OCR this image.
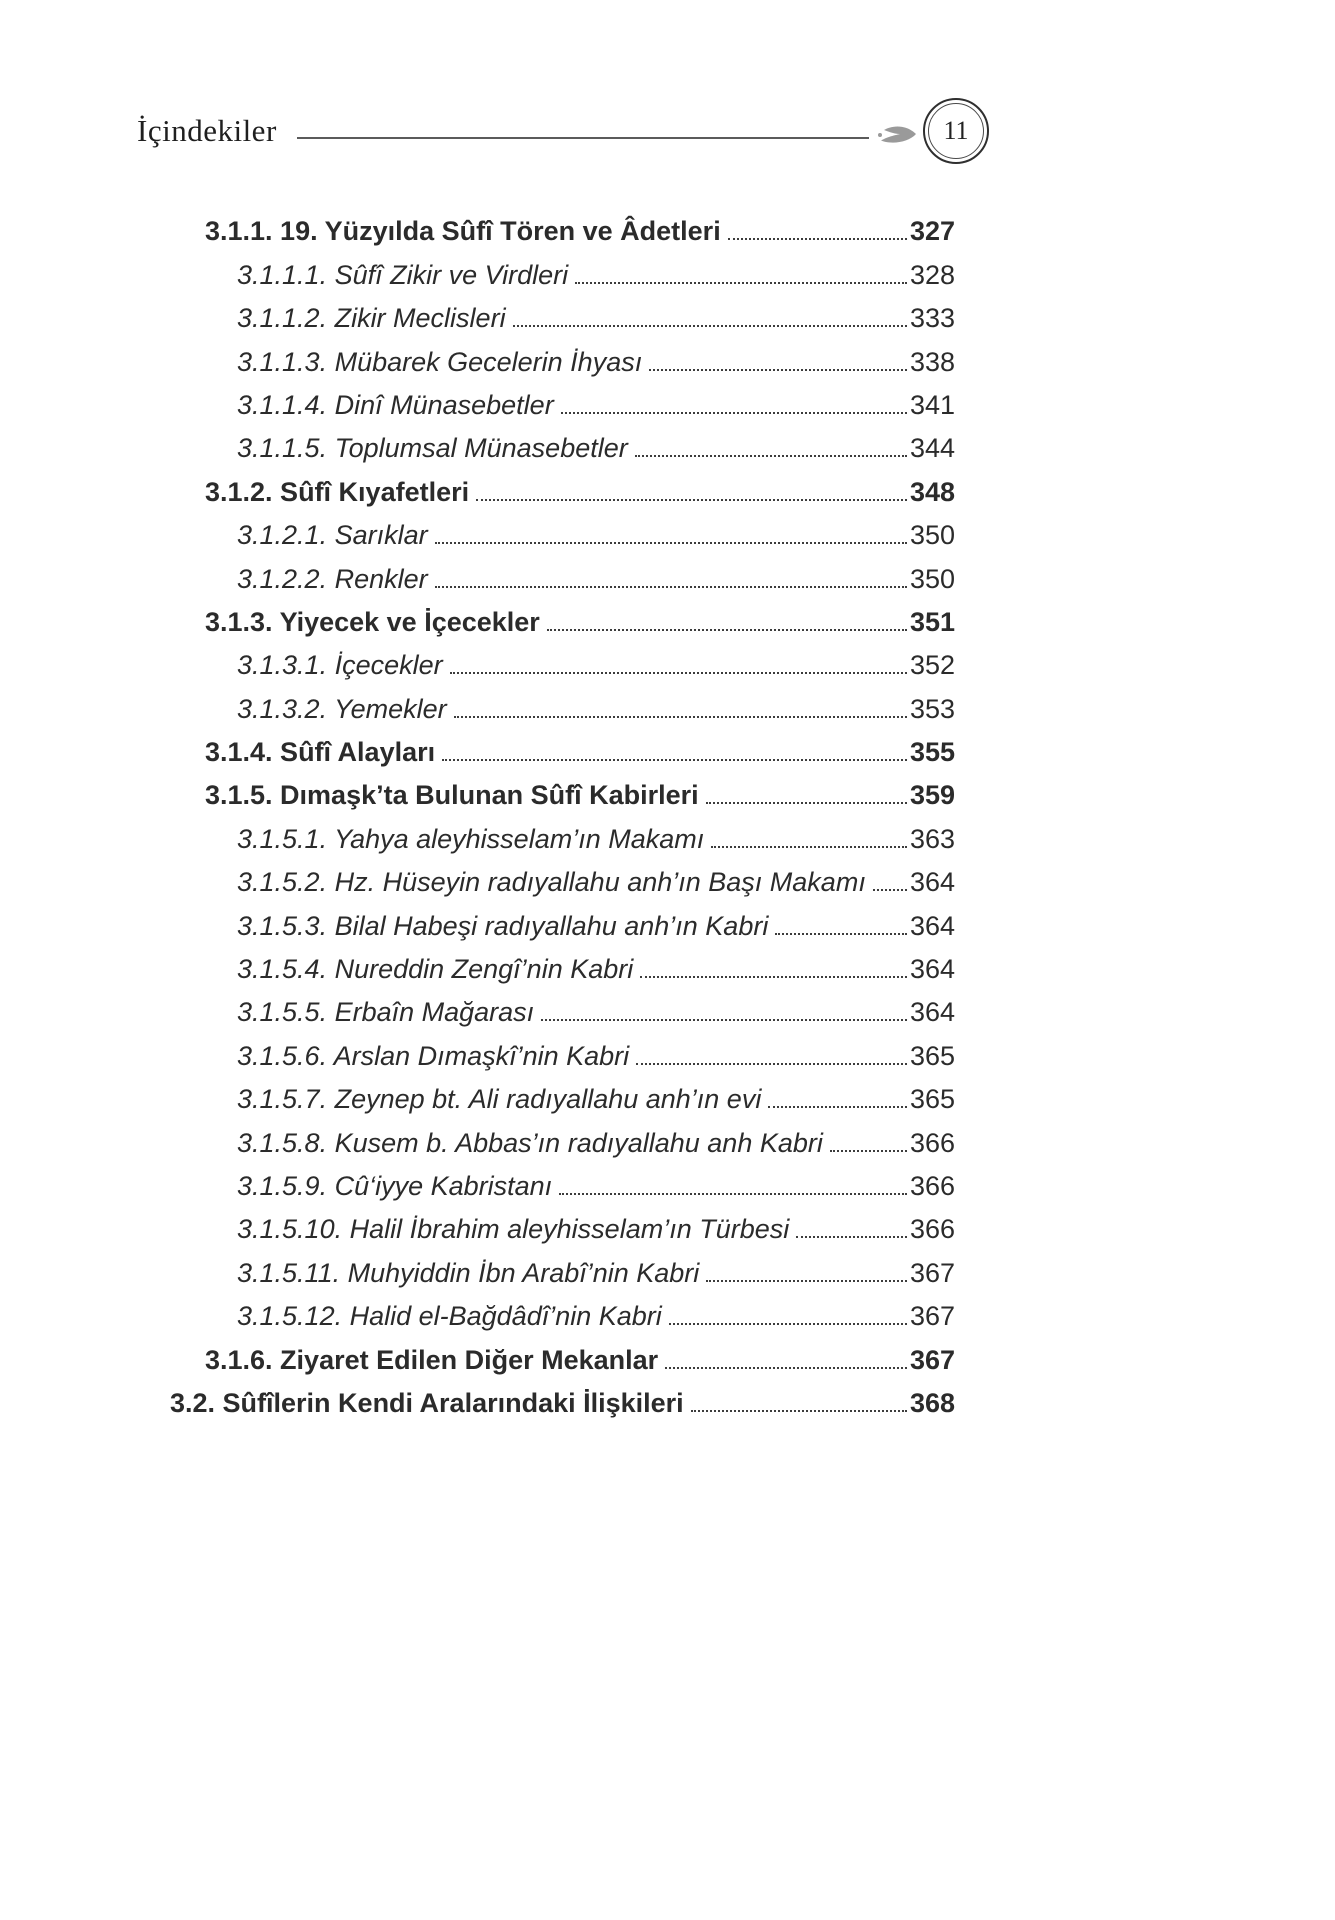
İçindekiler	11
3.1.1. 19. Yüzyılda Sûfî Tören ve Âdetleri	327
3.1.1.1. Sûfî Zikir ve Virdleri	328
3.1.1.2. Zikir Meclisleri	333
3.1.1.3. Mübarek Gecelerin İhyası	338
3.1.1.4. Dinî Münasebetler	341
3.1.1.5. Toplumsal Münasebetler	344
3.1.2. Sûfî Kıyafetleri	348
3.1.2.1. Sarıklar	350
3.1.2.2. Renkler	350
3.1.3. Yiyecek ve İçecekler	351
3.1.3.1. İçecekler	352
3.1.3.2. Yemekler	353
3.1.4. Sûfî Alayları	355
3.1.5. Dımaşk’ta Bulunan Sûfî Kabirleri	359
3.1.5.1. Yahya aleyhisselam’ın Makamı	363
3.1.5.2. Hz. Hüseyin radıyallahu anh’ın Başı Makamı 364
3.1.5.3. Bilal Habeşi radıyallahu anh’ın Kabri	364
3.1.5.4. Nureddin Zengî’nin Kabri	364
3.1.5.5. Erbaîn Mağarası	364
3.1.5.6. Arslan Dımaşkî’nin Kabri	365
3.1.5.7. Zeynep bt. Ali radıyallahu anh’ın evi	365
3.1.5.8. Kusem b. Abbas’ın radıyallahu anh Kabri	366
3.1.5.9. Cû‘iyye Kabristanı	366
3.1.5.10. Halil İbrahim aleyhisselam’ın Türbesi	366
3.1.5.11. Muhyiddin İbn Arabî’nin Kabri	367
3.1.5.12. Halid el-Bağdâdî’nin Kabri	367
3.1.6. Ziyaret Edilen Diğer Mekanlar	367
3.2. Sûfîlerin Kendi Aralarındaki İlişkileri	368
